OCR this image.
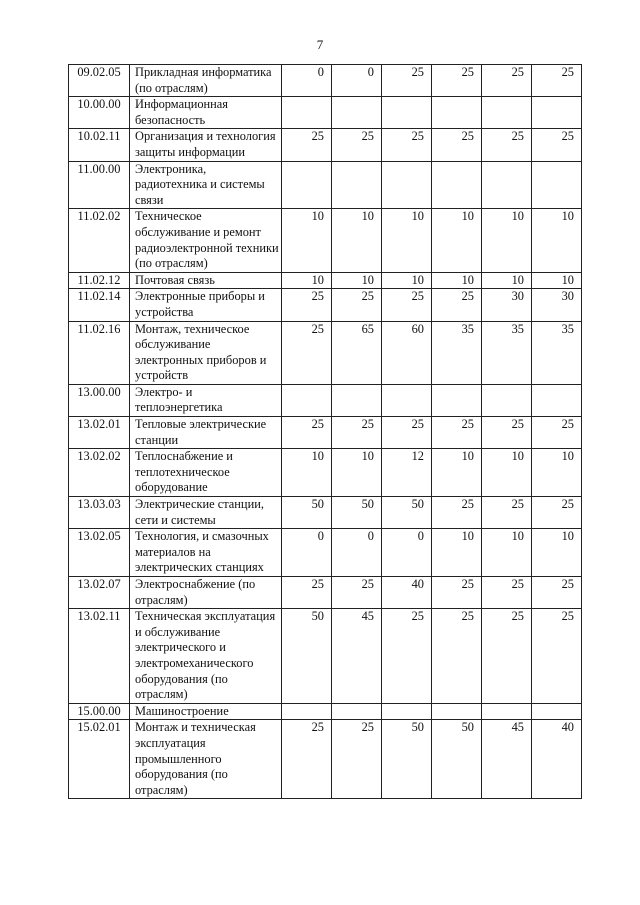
7
09.02.05	Прикладная информатика (по отраслям)	0	0	25	25	25	25
10.00.00	Информационная безопасность						
10.02.11	Организация и технология защиты информации	25	25	25	25	25	25
11.00.00	Электроника, радиотехника и системы связи						
11.02.02	Техническое обслуживание и ремонт радиоэлектронной техники (по отраслям)	10	10	10	10	10	10
11.02.12	Почтовая связь	10	10	10	10	10	10
11.02.14	Электронные приборы и устройства	25	25	25	25	30	30
11.02.16	Монтаж, техническое обслуживание электронных приборов и устройств	25	65	60	35	35	35
13.00.00	Электро- и теплоэнергетика						
13.02.01	Тепловые электрические станции	25	25	25	25	25	25
13.02.02	Теплоснабжение и теплотехническое оборудование	10	10	12	10	10	10
13.03.03	Электрические станции, сети и системы	50	50	50	25	25	25
13.02.05	Технология, и смазочных материалов на электрических станциях	0	0	0	10	10	10
13.02.07	Электроснабжение (по отраслям)	25	25	40	25	25	25
13.02.11	Техническая эксплуатация и обслуживание электрического и электромеханического оборудования (по отраслям)	50	45	25	25	25	25
15.00.00	Машиностроение						
15.02.01	Монтаж и техническая эксплуатация промышленного оборудования (по отраслям)	25	25	50	50	45	40
